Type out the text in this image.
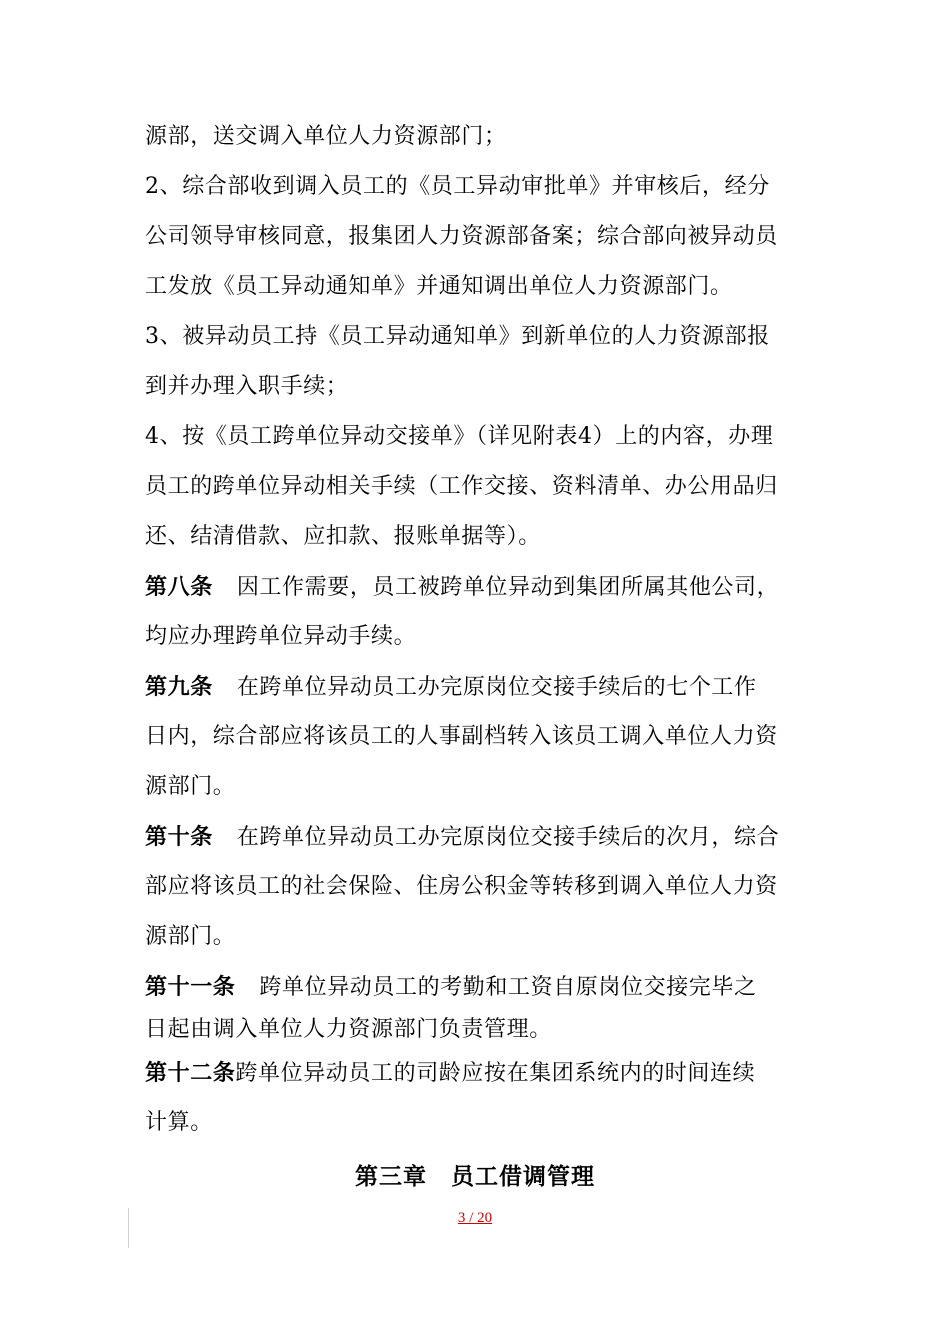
源部，送交调入单位人力资源部门；
2、综合部收到调入员工的《员工异动审批单》并审核后，经分
公司领导审核同意，报集团人力资源部备案；综合部向被异动员
工发放《员工异动通知单》并通知调出单位人力资源部门。
3、被异动员工持《员工异动通知单》到新单位的人力资源部报
到并办理入职手续；
4、按《员工跨单位异动交接单》（详见附表4）上的内容，办理
员工的跨单位异动相关手续（工作交接、资料清单、办公用品归
还、结清借款、应扣款、报账单据等）。
第八条 因工作需要，员工被跨单位异动到集团所属其他公司，
均应办理跨单位异动手续。
第九条 在跨单位异动员工办完原岗位交接手续后的七个工作
日内，综合部应将该员工的人事副档转入该员工调入单位人力资
源部门。
第十条 在跨单位异动员工办完原岗位交接手续后的次月，综合
部应将该员工的社会保险、住房公积金等转移到调入单位人力资
源部门。
第十一条 跨单位异动员工的考勤和工资自原岗位交接完毕之
日起由调入单位人力资源部门负责管理。
第十二条跨单位异动员工的司龄应按在集团系统内的时间连续
计算。
第三章　员工借调管理
3 / 20
